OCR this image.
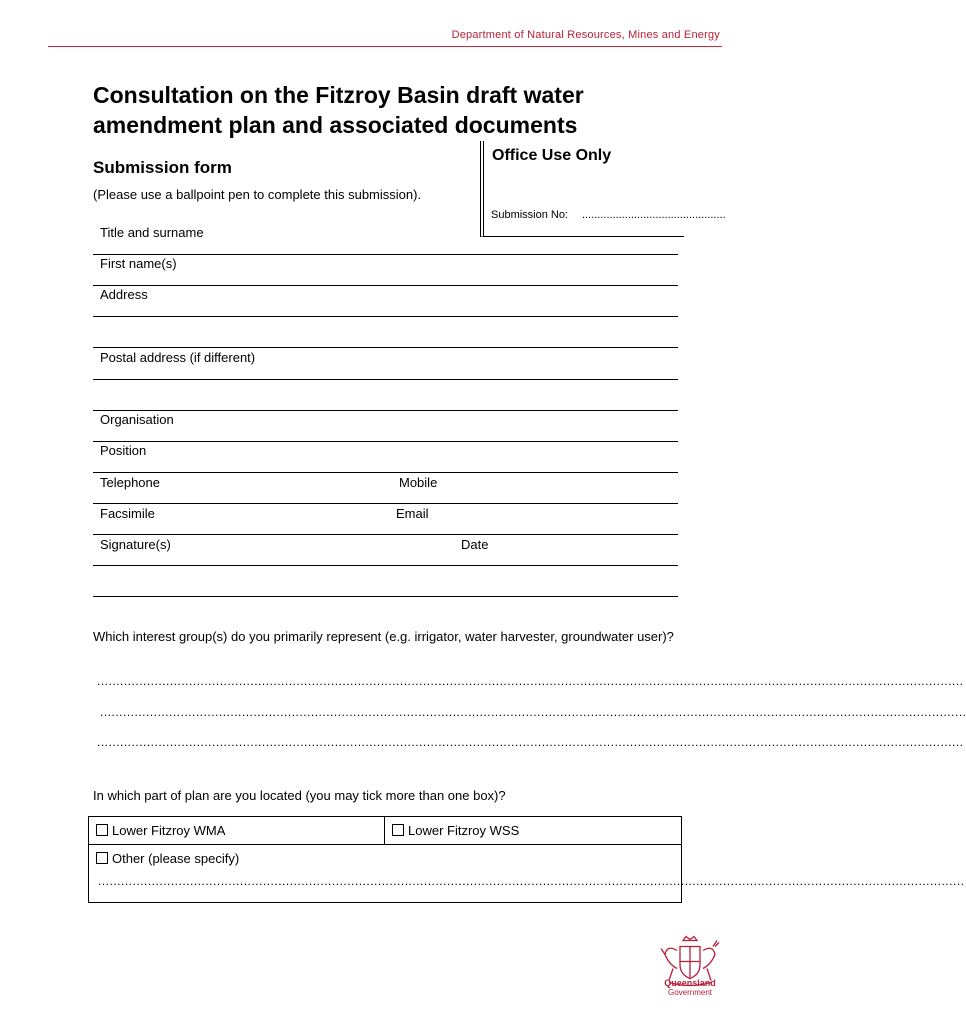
Department of Natural Resources, Mines and Energy
Consultation on the Fitzroy Basin draft water amendment plan and associated documents
Submission form
(Please use a ballpoint pen to complete this submission).
Office Use Only
Submission No: ...............................................
Title and surname
First name(s)
Address
Postal address (if different)
Organisation
Position
Telephone	Mobile
Facsimile	Email
Signature(s)	Date
Which interest group(s) do you primarily represent (e.g. irrigator, water harvester, groundwater user)?
..................................................................................................................................................................................................................................
..................................................................................................................................................................................................................................
..................................................................................................................................................................................................................................
In which part of plan are you located (you may tick more than one box)?
Lower Fitzroy WMA	Lower Fitzroy WSS
Other (please specify)
..................................................................................................................................................................................................................................
Queensland
Government
